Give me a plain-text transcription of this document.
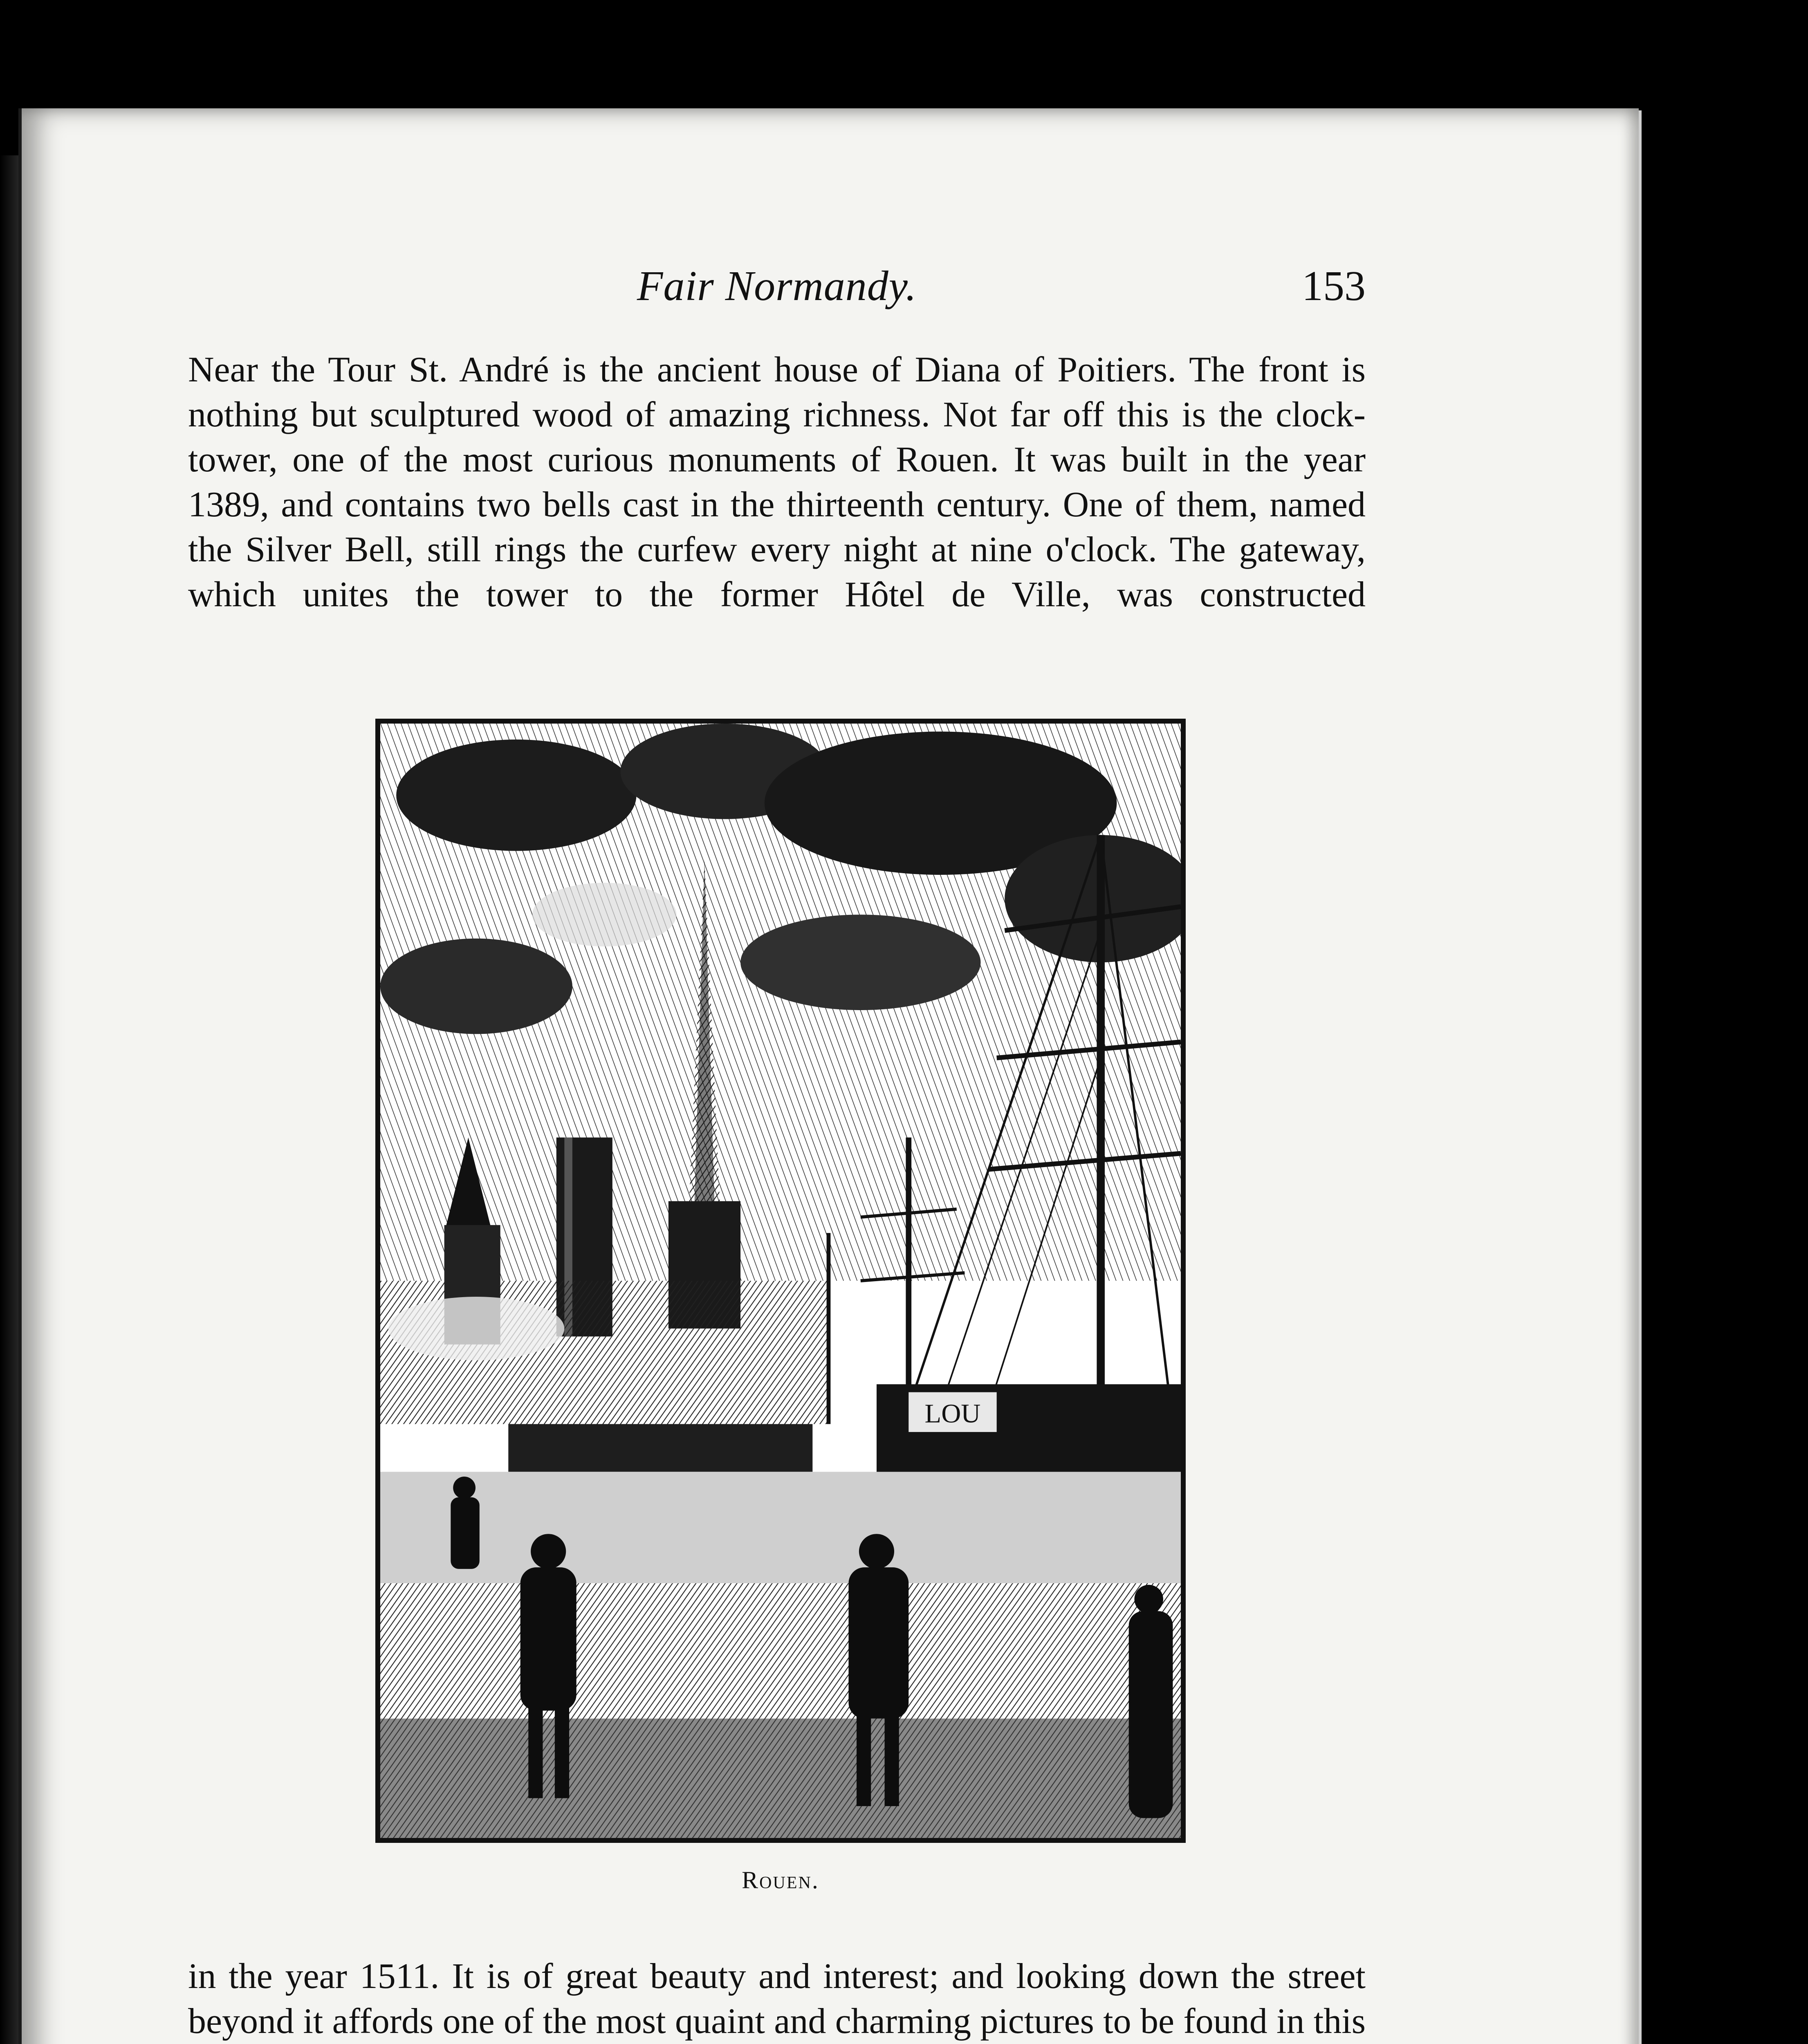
Fair Normandy.	153

Near the Tour St. André is the ancient house of Diana of Poitiers. The front is nothing but sculptured wood of amazing richness. Not far off this is the clock-tower, one of the most curious monuments of Rouen. It was built in the year 1389, and contains two bells cast in the thirteenth century. One of them, named the Silver Bell, still rings the curfew every night at nine o'clock. The gateway, which unites the tower to the former Hôtel de Ville, was constructed

LOU
Rouen.

in the year 1511. It is of great beauty and interest; and looking down the street beyond it affords one of the most quaint and charming pictures to be found in this
